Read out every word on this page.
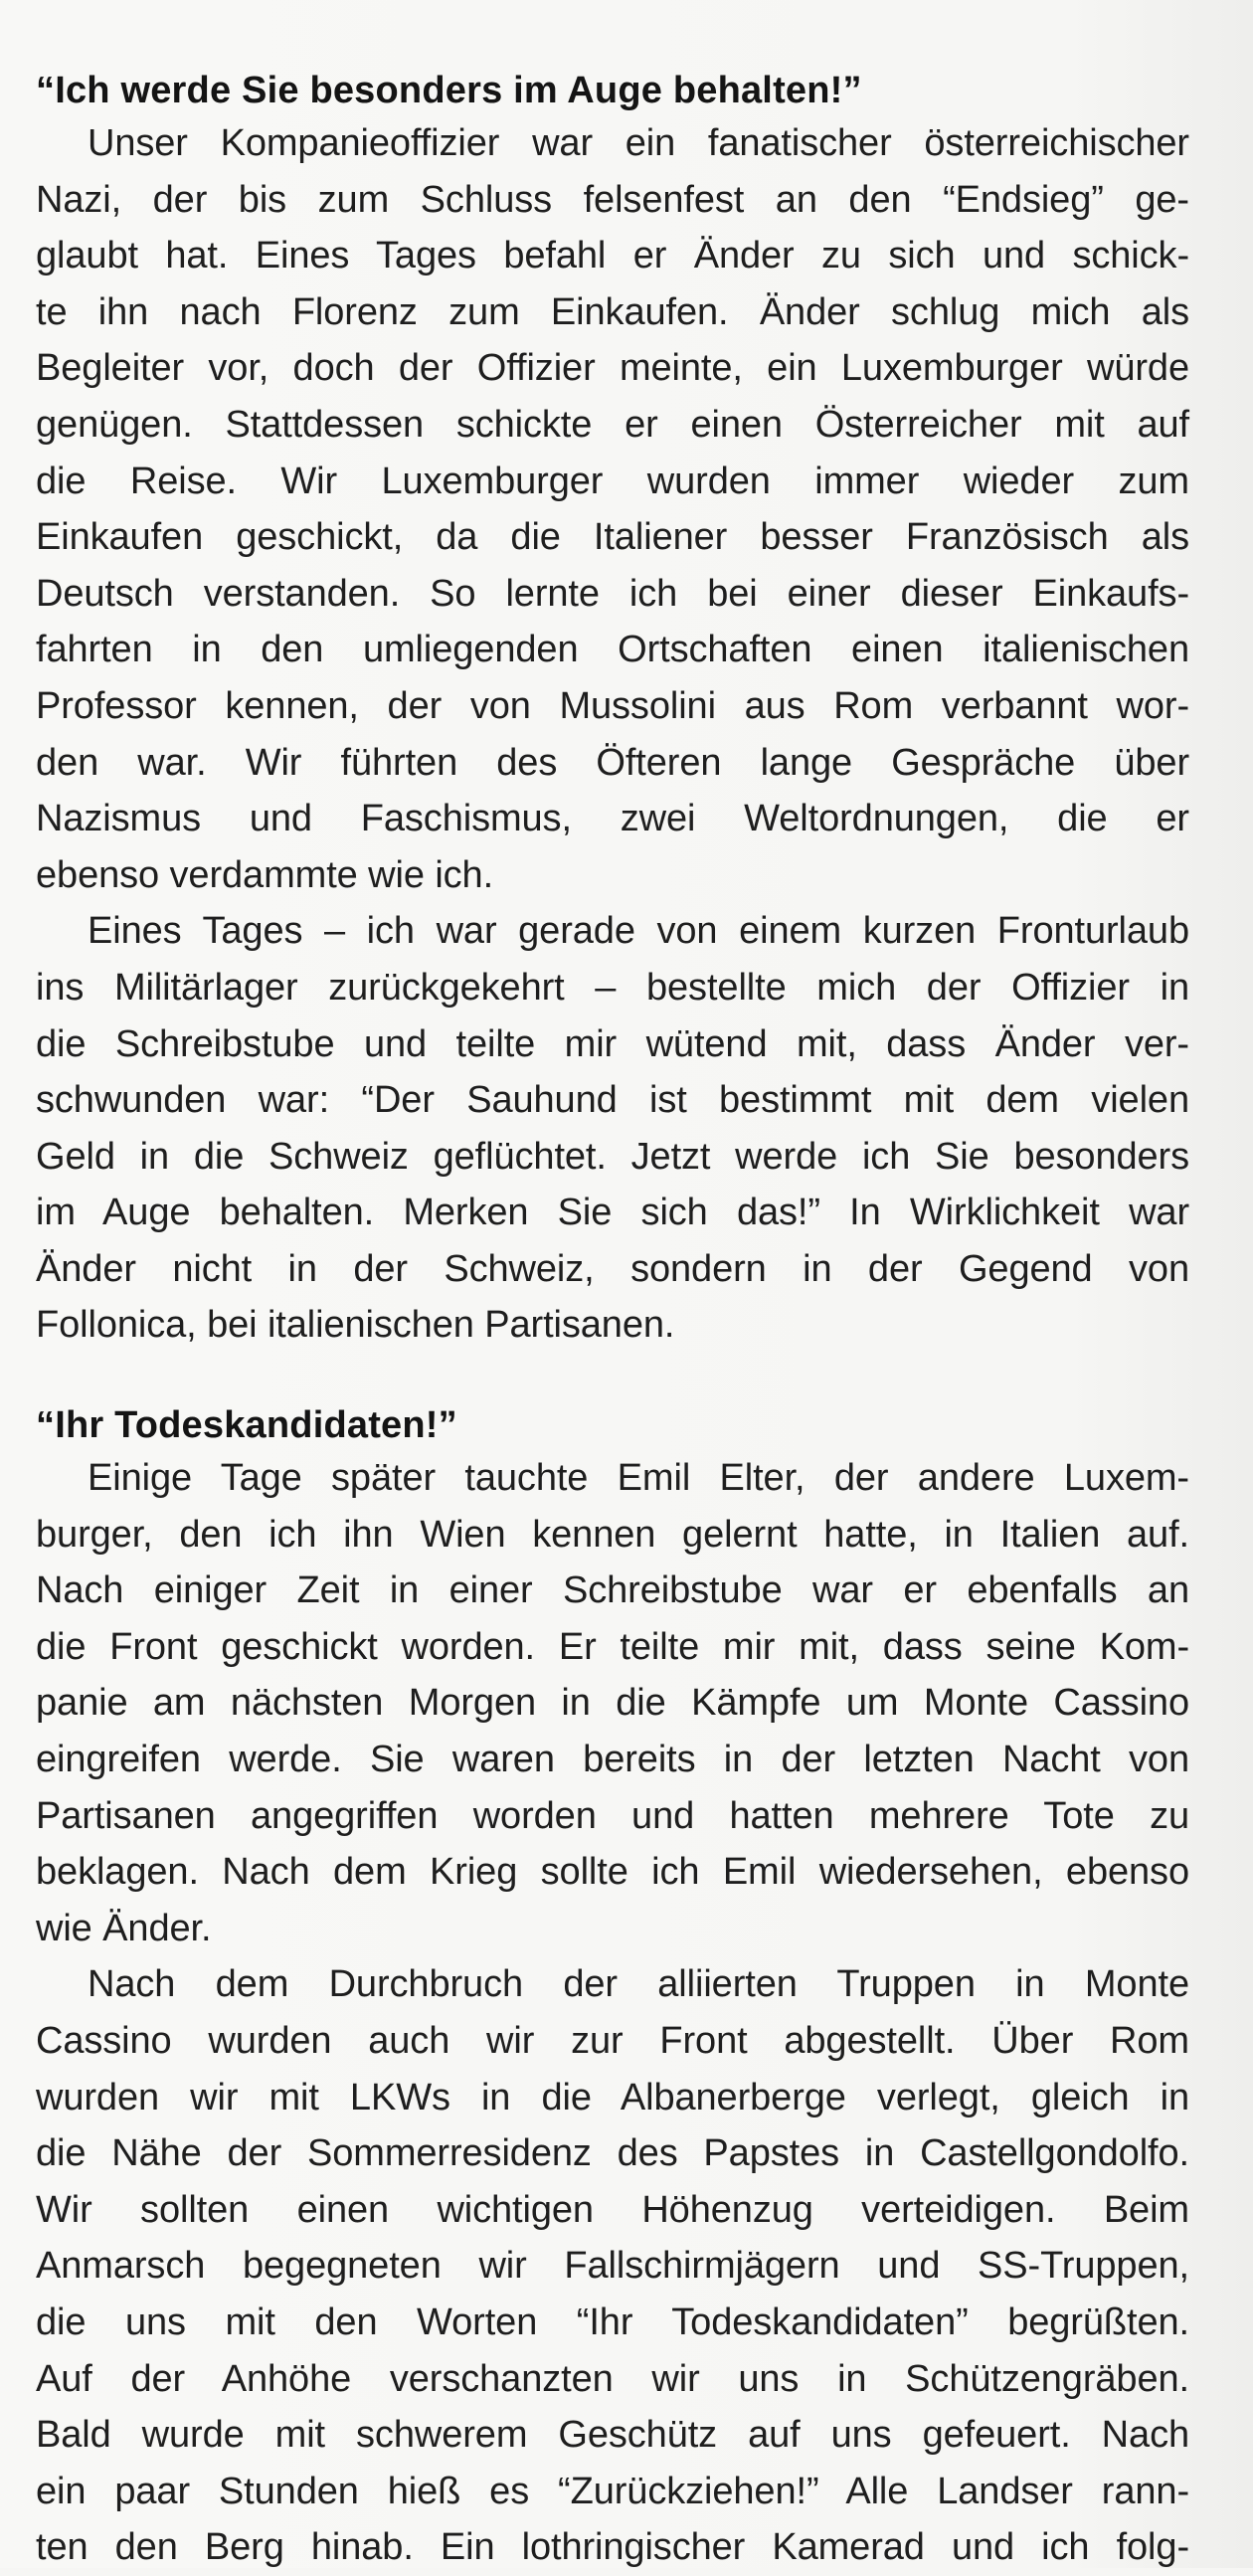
“Ich werde Sie besonders im Auge behalten!”
Unser Kompanieoffizier war ein fanatischer österreichischer
Nazi, der bis zum Schluss felsenfest an den “Endsieg” ge-
glaubt hat. Eines Tages befahl er Änder zu sich und schick-
te ihn nach Florenz zum Einkaufen. Änder schlug mich als
Begleiter vor, doch der Offizier meinte, ein Luxemburger würde
genügen. Stattdessen schickte er einen Österreicher mit auf
die Reise. Wir Luxemburger wurden immer wieder zum
Einkaufen geschickt, da die Italiener besser Französisch als
Deutsch verstanden. So lernte ich bei einer dieser Einkaufs-
fahrten in den umliegenden Ortschaften einen italienischen
Professor kennen, der von Mussolini aus Rom verbannt wor-
den war. Wir führten des Öfteren lange Gespräche über
Nazismus und Faschismus, zwei Weltordnungen, die er
ebenso verdammte wie ich.
Eines Tages – ich war gerade von einem kurzen Fronturlaub
ins Militärlager zurückgekehrt – bestellte mich der Offizier in
die Schreibstube und teilte mir wütend mit, dass Änder ver-
schwunden war: “Der Sauhund ist bestimmt mit dem vielen
Geld in die Schweiz geflüchtet. Jetzt werde ich Sie besonders
im Auge behalten. Merken Sie sich das!” In Wirklichkeit war
Änder nicht in der Schweiz, sondern in der Gegend von
Follonica, bei italienischen Partisanen.
“Ihr Todeskandidaten!”
Einige Tage später tauchte Emil Elter, der andere Luxem-
burger, den ich ihn Wien kennen gelernt hatte, in Italien auf.
Nach einiger Zeit in einer Schreibstube war er ebenfalls an
die Front geschickt worden. Er teilte mir mit, dass seine Kom-
panie am nächsten Morgen in die Kämpfe um Monte Cassino
eingreifen werde. Sie waren bereits in der letzten Nacht von
Partisanen angegriffen worden und hatten mehrere Tote zu
beklagen. Nach dem Krieg sollte ich Emil wiedersehen, ebenso
wie Änder.
Nach dem Durchbruch der alliierten Truppen in Monte
Cassino wurden auch wir zur Front abgestellt. Über Rom
wurden wir mit LKWs in die Albanerberge verlegt, gleich in
die Nähe der Sommerresidenz des Papstes in Castellgondolfo.
Wir sollten einen wichtigen Höhenzug verteidigen. Beim
Anmarsch begegneten wir Fallschirmjägern und SS-Truppen,
die uns mit den Worten “Ihr Todeskandidaten” begrüßten.
Auf der Anhöhe verschanzten wir uns in Schützengräben.
Bald wurde mit schwerem Geschütz auf uns gefeuert. Nach
ein paar Stunden hieß es “Zurückziehen!” Alle Landser rann-
ten den Berg hinab. Ein lothringischer Kamerad und ich folg-
